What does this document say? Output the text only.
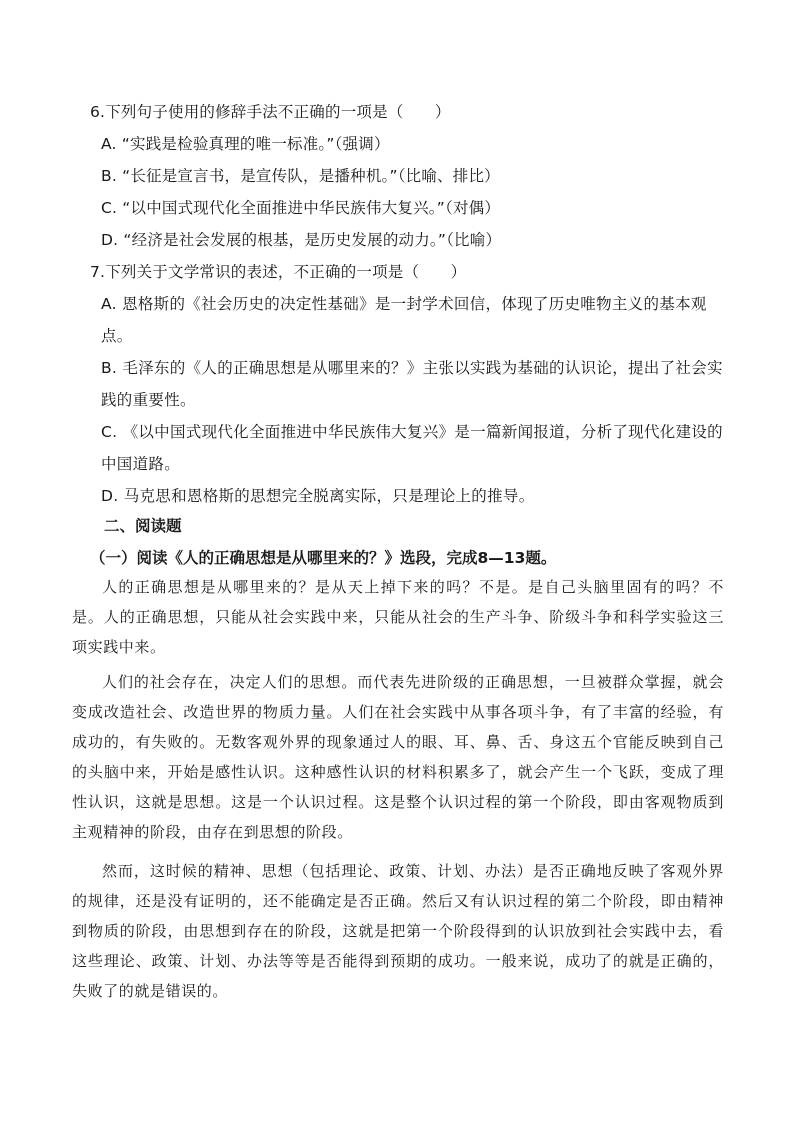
6.下列句子使用的修辞手法不正确的一项是（　　）
A. “实践是检验真理的唯一标准。”（强调）
B. “长征是宣言书，是宣传队，是播种机。”（比喻、排比）
C. “以中国式现代化全面推进中华民族伟大复兴。”（对偶）
D. “经济是社会发展的根基，是历史发展的动力。”（比喻）
7.下列关于文学常识的表述，不正确的一项是（　　）
A. 恩格斯的《社会历史的决定性基础》是一封学术回信，体现了历史唯物主义的基本观点。
B. 毛泽东的《人的正确思想是从哪里来的？》主张以实践为基础的认识论，提出了社会实践的重要性。
C. 《以中国式现代化全面推进中华民族伟大复兴》是一篇新闻报道，分析了现代化建设的中国道路。
D. 马克思和恩格斯的思想完全脱离实际，只是理论上的推导。
二、阅读题
（一）阅读《人的正确思想是从哪里来的？》选段，完成8—13题。

人的正确思想是从哪里来的？是从天上掉下来的吗？不是。是自己头脑里固有的吗？不是。人的正确思想，只能从社会实践中来，只能从社会的生产斗争、阶级斗争和科学实验这三项实践中来。

人们的社会存在，决定人们的思想。而代表先进阶级的正确思想，一旦被群众掌握，就会变成改造社会、改造世界的物质力量。人们在社会实践中从事各项斗争，有了丰富的经验，有成功的，有失败的。无数客观外界的现象通过人的眼、耳、鼻、舌、身这五个官能反映到自己的头脑中来，开始是感性认识。这种感性认识的材料积累多了，就会产生一个飞跃，变成了理性认识，这就是思想。这是一个认识过程。这是整个认识过程的第一个阶段，即由客观物质到主观精神的阶段，由存在到思想的阶段。

然而，这时候的精神、思想（包括理论、政策、计划、办法）是否正确地反映了客观外界的规律，还是没有证明的，还不能确定是否正确。然后又有认识过程的第二个阶段，即由精神到物质的阶段，由思想到存在的阶段，这就是把第一个阶段得到的认识放到社会实践中去，看这些理论、政策、计划、办法等等是否能得到预期的成功。一般来说，成功了的就是正确的，失败了的就是错误的。
